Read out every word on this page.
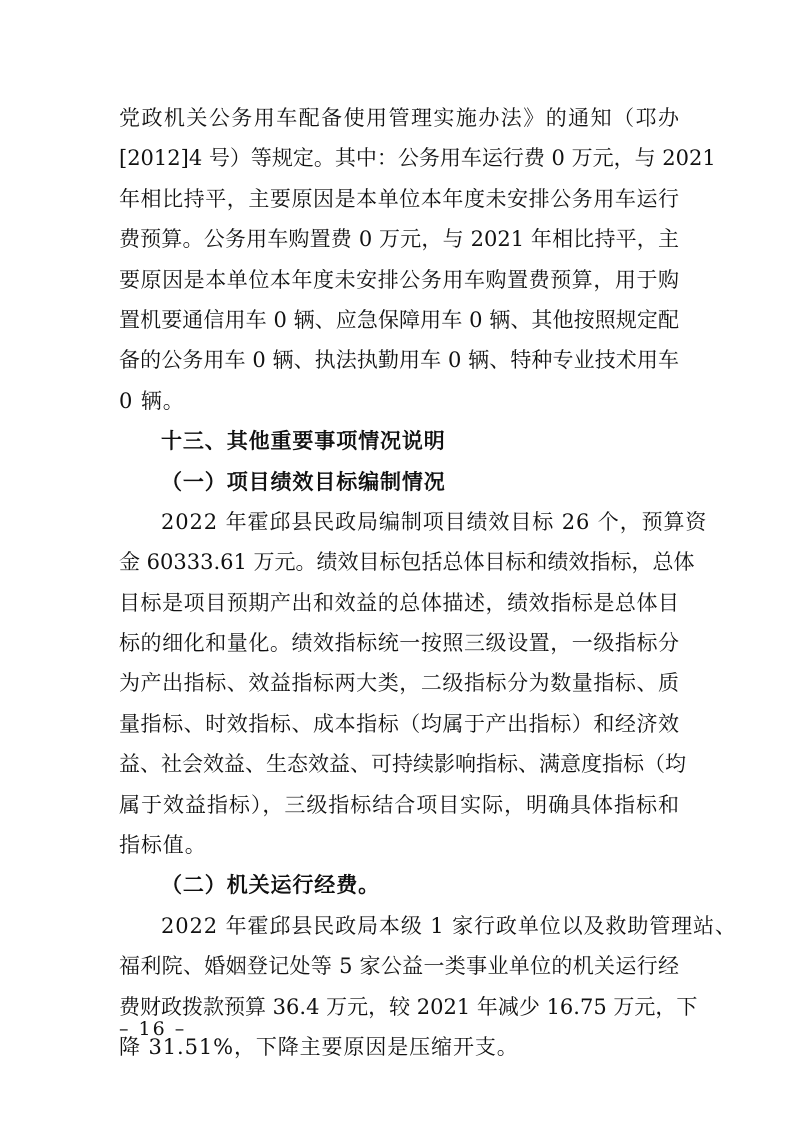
党政机关公务用车配备使用管理实施办法》的通知（邛办
[2012]4 号）等规定。其中：公务用车运行费 0 万元，与 2021
年相比持平，主要原因是本单位本年度未安排公务用车运行
费预算。公务用车购置费 0 万元，与 2021 年相比持平，主
要原因是本单位本年度未安排公务用车购置费预算，用于购
置机要通信用车 0 辆、应急保障用车 0 辆、其他按照规定配
备的公务用车 0 辆、执法执勤用车 0 辆、特种专业技术用车
0 辆。
十三、其他重要事项情况说明
（一）项目绩效目标编制情况
2022 年霍邱县民政局编制项目绩效目标 26 个，预算资
金 60333.61 万元。绩效目标包括总体目标和绩效指标，总体
目标是项目预期产出和效益的总体描述，绩效指标是总体目
标的细化和量化。绩效指标统一按照三级设置，一级指标分
为产出指标、效益指标两大类，二级指标分为数量指标、质
量指标、时效指标、成本指标（均属于产出指标）和经济效
益、社会效益、生态效益、可持续影响指标、满意度指标（均
属于效益指标），三级指标结合项目实际，明确具体指标和
指标值。
（二）机关运行经费。
2022 年霍邱县民政局本级 1 家行政单位以及救助管理站、
福利院、婚姻登记处等 5 家公益一类事业单位的机关运行经
费财政拨款预算 36.4 万元，较 2021 年减少 16.75 万元，下
降 31.51%，下降主要原因是压缩开支。
– 16 –
